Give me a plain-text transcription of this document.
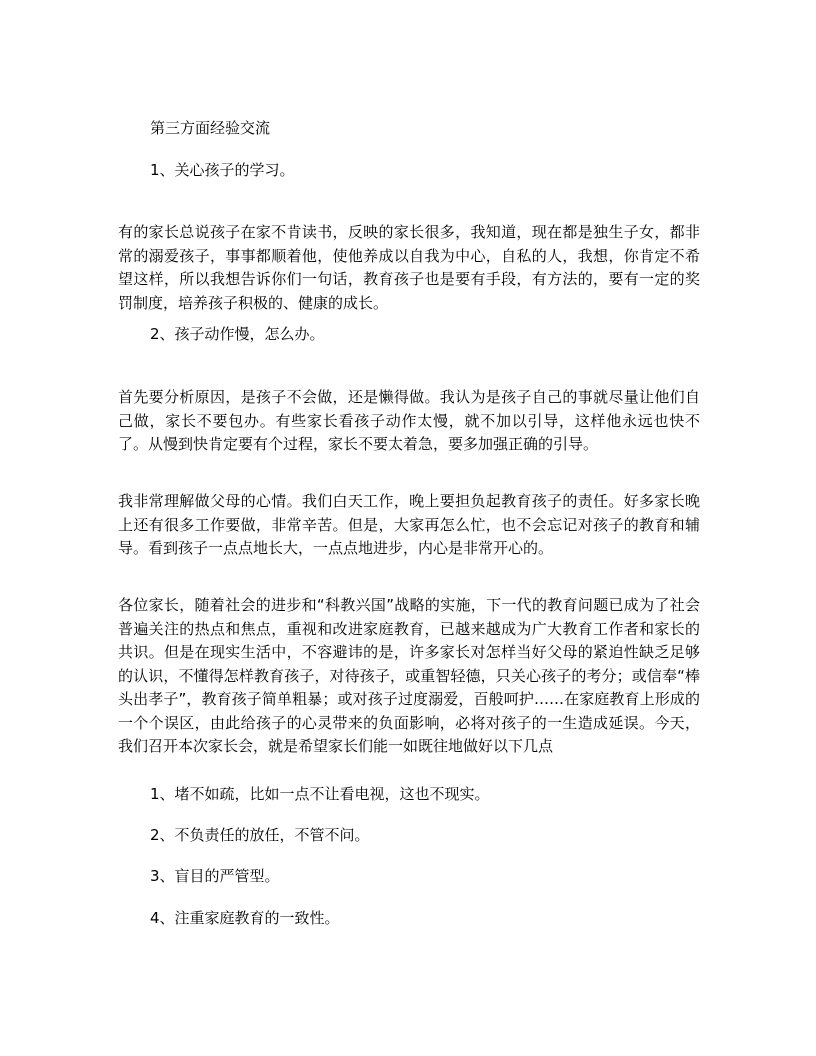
第三方面经验交流
1、关心孩子的学习。
有的家长总说孩子在家不肯读书，反映的家长很多，我知道，现在都是独生子女，都非常的溺爱孩子，事事都顺着他，使他养成以自我为中心，自私的人，我想，你肯定不希望这样，所以我想告诉你们一句话，教育孩子也是要有手段，有方法的，要有一定的奖罚制度，培养孩子积极的、健康的成长。
2、孩子动作慢，怎么办。
首先要分析原因，是孩子不会做，还是懒得做。我认为是孩子自己的事就尽量让他们自己做，家长不要包办。有些家长看孩子动作太慢，就不加以引导，这样他永远也快不了。从慢到快肯定要有个过程，家长不要太着急，要多加强正确的引导。
我非常理解做父母的心情。我们白天工作，晚上要担负起教育孩子的责任。好多家长晚上还有很多工作要做，非常辛苦。但是，大家再怎么忙，也不会忘记对孩子的教育和辅导。看到孩子一点点地长大，一点点地进步，内心是非常开心的。
各位家长，随着社会的进步和“科教兴国”战略的实施，下一代的教育问题已成为了社会普遍关注的热点和焦点，重视和改进家庭教育，已越来越成为广大教育工作者和家长的共识。但是在现实生活中，不容避讳的是，许多家长对怎样当好父母的紧迫性缺乏足够的认识，不懂得怎样教育孩子，对待孩子，或重智轻德，只关心孩子的考分；或信奉“棒头出孝子”，教育孩子简单粗暴；或对孩子过度溺爱，百般呵护……在家庭教育上形成的一个个误区，由此给孩子的心灵带来的负面影响，必将对孩子的一生造成延误。今天，我们召开本次家长会，就是希望家长们能一如既往地做好以下几点
1、堵不如疏，比如一点不让看电视，这也不现实。
2、不负责任的放任，不管不问。
3、盲目的严管型。
4、注重家庭教育的一致性。
